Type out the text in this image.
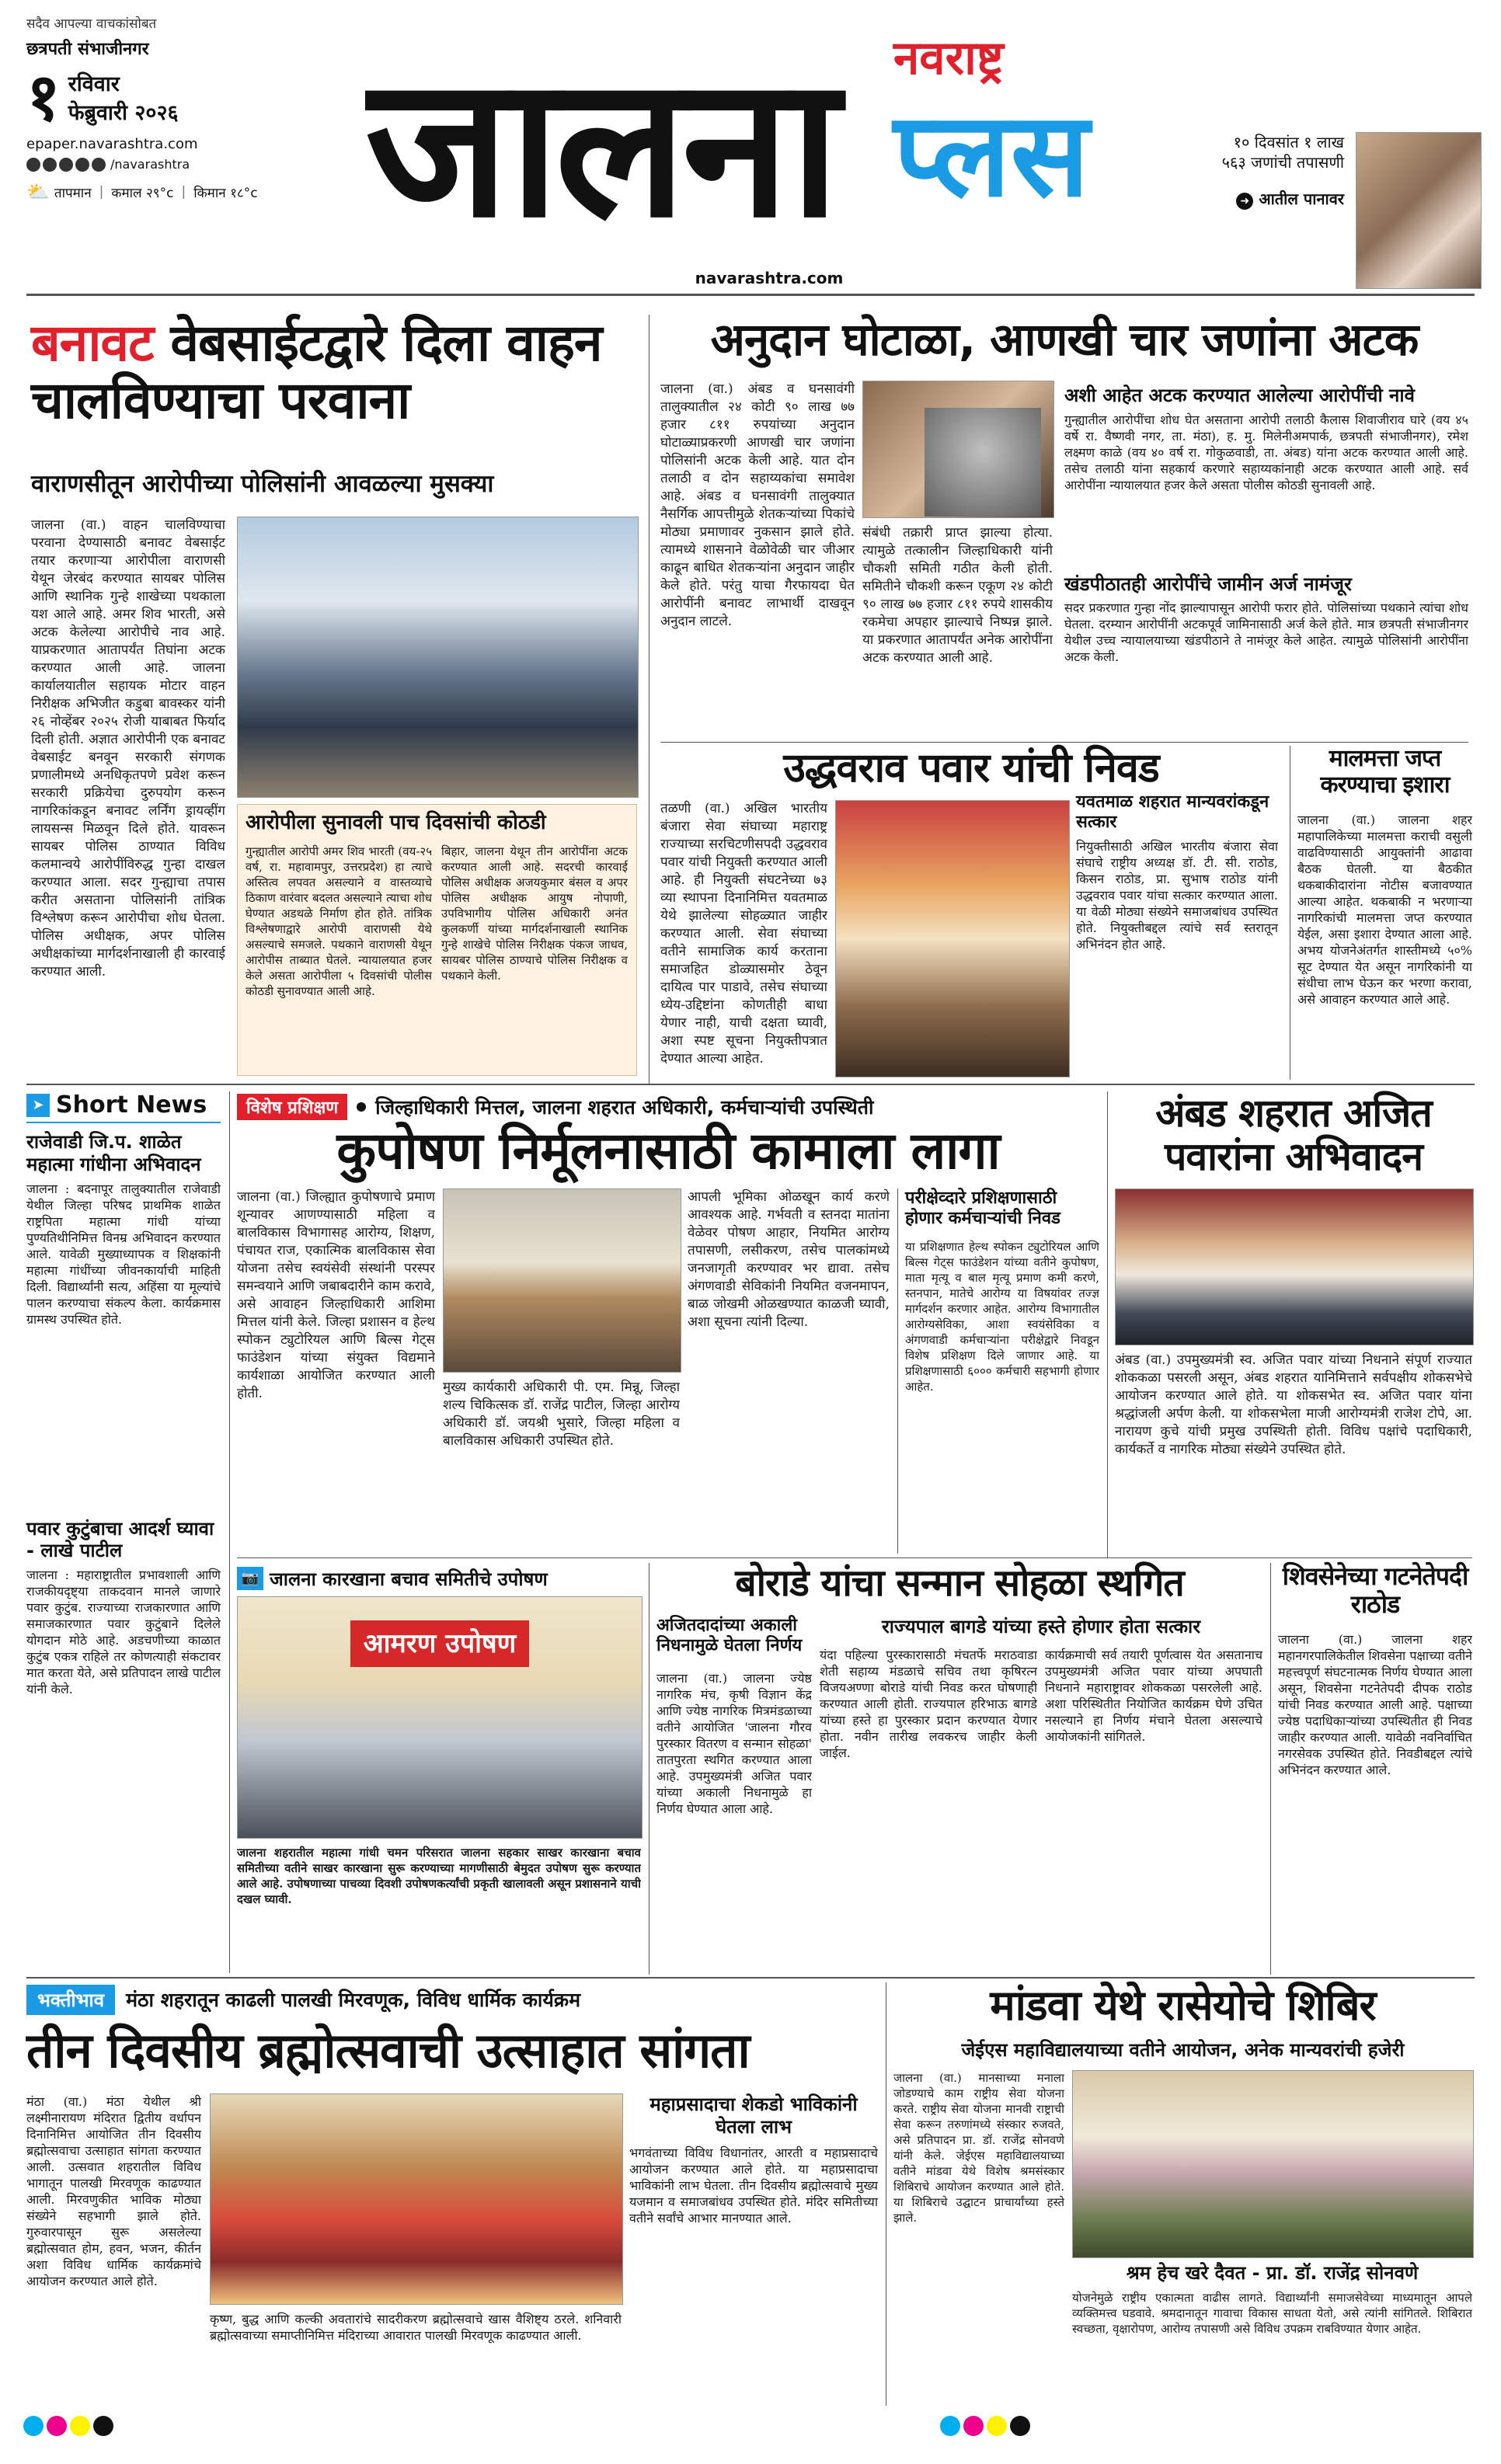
सदैव आपल्या वाचकांसोबत
छत्रपती संभाजीनगर
१ रविवार
फेब्रुवारी २०२६
epaper.navarashtra.com
/navarashtra
⛅ तापमान | कमाल २९°c | किमान १८°c जालना	नवराष्ट्र
प्लस
navarashtra.com
१० दिवसांत १ लाख ५६३ जणांची तपासणी
➜ आतील पानावर
बनावट वेबसाईटद्वारे दिला वाहन चालविण्याचा परवाना
वाराणसीतून आरोपीच्या पोलिसांनी आवळल्या मुसक्या
जालना (वा.) वाहन चालविण्याचा परवाना देण्यासाठी बनावट वेबसाईट तयार करणाऱ्या आरोपीला वाराणसी येथून जेरबंद करण्यात सायबर पोलिस आणि स्थानिक गुन्हे शाखेच्या पथकाला यश आले आहे. अमर शिव भारती, असे अटक केलेल्या आरोपीचे नाव आहे. याप्रकरणात आतापर्यंत तिघांना अटक करण्यात आली आहे. जालना कार्यालयातील सहायक मोटार वाहन निरीक्षक अभिजीत कडुबा बावस्कर यांनी २६ नोव्हेंबर २०२५ रोजी याबाबत फिर्याद दिली होती. अज्ञात आरोपीनी एक बनावट वेबसाईट बनवून सरकारी संगणक प्रणालीमध्ये अनधिकृतपणे प्रवेश करून सरकारी प्रक्रियेचा दुरुपयोग करून नागरिकांकडून बनावट लर्निंग ड्रायव्हींग लायसन्स मिळवून दिले होते. यावरून सायबर पोलिस ठाण्यात विविध कलमान्वये आरोपींविरुद्ध गुन्हा दाखल करण्यात आला. सदर गुन्ह्याचा तपास करीत असताना पोलिसांनी तांत्रिक विश्लेषण करून आरोपीचा शोध घेतला. पोलिस अधीक्षक, अपर पोलिस अधीक्षकांच्या मार्गदर्शनाखाली ही कारवाई करण्यात आली.
आरोपीला सुनावली पाच दिवसांची कोठडी
गुन्ह्यातील आरोपी अमर शिव भारती (वय-२५ वर्ष, रा. महावामपुर, उत्तरप्रदेश) हा त्याचे अस्तित्व लपवत असल्याने व वास्तव्याचे ठिकाण वारंवार बदलत असल्याने त्याचा शोध घेण्यात अडथळे निर्माण होत होते. तांत्रिक विश्लेषणाद्वारे आरोपी वाराणसी येथे असल्याचे समजले. पथकाने वाराणसी येथून आरोपीस ताब्यात घेतले. न्यायालयात हजर केले असता आरोपीला ५ दिवसांची पोलीस कोठडी सुनावण्यात आली आहे.
बिहार, जालना येथून तीन आरोपींना अटक करण्यात आली आहे. सदरची कारवाई पोलिस अधीक्षक अजयकुमार बंसल व अपर पोलिस अधीक्षक आयुष नोपाणी, उपविभागीय पोलिस अधिकारी अनंत कुलकर्णी यांच्या मार्गदर्शनाखाली स्थानिक गुन्हे शाखेचे पोलिस निरीक्षक पंकज जाधव, सायबर पोलिस ठाण्याचे पोलिस निरीक्षक व पथकाने केली.
अनुदान घोटाळा, आणखी चार जणांना अटक
जालना (वा.) अंबड व घनसावंगी तालुक्यातील २४ कोटी ९० लाख ७७ हजार ८११ रुपयांच्या अनुदान घोटाळ्याप्रकरणी आणखी चार जणांना पोलिसांनी अटक केली आहे. यात दोन तलाठी व दोन सहाय्यकांचा समावेश आहे. अंबड व घनसावंगी तालुक्यात नैसर्गिक आपत्तीमुळे शेतकऱ्यांच्या पिकांचे मोठ्या प्रमाणावर नुकसान झाले होते. त्यामध्ये शासनाने वेळोवेळी चार जीआर काढून बाधित शेतकऱ्यांना अनुदान जाहीर केले होते. परंतु याचा गैरफायदा घेत आरोपींनी बनावट लाभार्थी दाखवून अनुदान लाटले.
संबंधी तक्रारी प्राप्त झाल्या होत्या. त्यामुळे तत्कालीन जिल्हाधिकारी यांनी चौकशी समिती गठीत केली होती. समितीने चौकशी करून एकूण २४ कोटी ९० लाख ७७ हजार ८११ रुपये शासकीय रकमेचा अपहार झाल्याचे निष्पन्न झाले. या प्रकरणात आतापर्यंत अनेक आरोपींना अटक करण्यात आली आहे.
अशी आहेत अटक करण्यात आलेल्या आरोपींची नावे
गुन्ह्यातील आरोपींचा शोध घेत असताना आरोपी तलाठी कैलास शिवाजीराव घारे (वय ४५ वर्षे रा. वैष्णवी नगर, ता. मंठा), ह. मु. मिलेनीअमपार्क, छत्रपती संभाजीनगर), रमेश लक्ष्मण काळे (वय ४० वर्ष रा. गोकुळवाडी, ता. अंबड) यांना अटक करण्यात आली आहे. तसेच तलाठी यांना सहकार्य करणारे सहाय्यकांनाही अटक करण्यात आली आहे. सर्व आरोपींना न्यायालयात हजर केले असता पोलीस कोठडी सुनावली आहे.
खंडपीठातही आरोपींचे जामीन अर्ज नामंजूर
सदर प्रकरणात गुन्हा नोंद झाल्यापासून आरोपी फरार होते. पोलिसांच्या पथकाने त्यांचा शोध घेतला. दरम्यान आरोपींनी अटकपूर्व जामिनासाठी अर्ज केले होते. मात्र छत्रपती संभाजीनगर येथील उच्च न्यायालयाच्या खंडपीठाने ते नामंजूर केले आहेत. त्यामुळे पोलिसांनी आरोपींना अटक केली.
उद्धवराव पवार यांची निवड
तळणी (वा.) अखिल भारतीय बंजारा सेवा संघाच्या महाराष्ट्र राज्याच्या सरचिटणीसपदी उद्धवराव पवार यांची नियुक्ती करण्यात आली आहे. ही नियुक्ती संघटनेच्या ७३ व्या स्थापना दिनानिमित्त यवतमाळ येथे झालेल्या सोहळ्यात जाहीर करण्यात आली. सेवा संघाच्या वतीने सामाजिक कार्य करताना समाजहित डोळ्यासमोर ठेवून दायित्व पार पाडावे, तसेच संघाच्या ध्येय-उद्दिष्टांना कोणतीही बाधा येणार नाही, याची दक्षता घ्यावी, अशा स्पष्ट सूचना नियुक्तीपत्रात देण्यात आल्या आहेत.
यवतमाळ शहरात मान्यवरांकडून सत्कार
नियुक्तीसाठी अखिल भारतीय बंजारा सेवा संघाचे राष्ट्रीय अध्यक्ष डॉ. टी. सी. राठोड, किसन राठोड, प्रा. सुभाष राठोड यांनी उद्धवराव पवार यांचा सत्कार करण्यात आला. या वेळी मोठ्या संख्येने समाजबांधव उपस्थित होते. नियुक्तीबद्दल त्यांचे सर्व स्तरातून अभिनंदन होत आहे.
मालमत्ता जप्त करण्याचा इशारा
जालना (वा.) जालना शहर महापालिकेच्या मालमत्ता कराची वसुली वाढविण्यासाठी आयुक्तांनी आढावा बैठक घेतली. या बैठकीत थकबाकीदारांना नोटीस बजावण्यात आल्या आहेत. थकबाकी न भरणाऱ्या नागरिकांची मालमत्ता जप्त करण्यात येईल, असा इशारा देण्यात आला आहे. अभय योजनेअंतर्गत शास्तीमध्ये ५०% सूट देण्यात येत असून नागरिकांनी या संधीचा लाभ घेऊन कर भरणा करावा, असे आवाहन करण्यात आले आहे.
➤ Short News
राजेवाडी जि.प. शाळेत महात्मा गांधीना अभिवादन
जालना : बदनापूर तालुक्यातील राजेवाडी येथील जिल्हा परिषद प्राथमिक शाळेत राष्ट्रपिता महात्मा गांधी यांच्या पुण्यतिथीनिमित्त विनम्र अभिवादन करण्यात आले. यावेळी मुख्याध्यापक व शिक्षकांनी महात्मा गांधींच्या जीवनकार्याची माहिती दिली. विद्यार्थ्यांनी सत्य, अहिंसा या मूल्यांचे पालन करण्याचा संकल्प केला. कार्यक्रमास ग्रामस्थ उपस्थित होते.
पवार कुटुंबाचा आदर्श घ्यावा - लाखे पाटील
जालना : महाराष्ट्रातील प्रभावशाली आणि राजकीयदृष्ट्या ताकदवान मानले जाणारे पवार कुटुंब. राज्याच्या राजकारणात आणि समाजकारणात पवार कुटुंबाने दिलेले योगदान मोठे आहे. अडचणीच्या काळात कुटुंब एकत्र राहिले तर कोणत्याही संकटावर मात करता येते, असे प्रतिपादन लाखे पाटील यांनी केले.
विशेष प्रशिक्षण	जिल्हाधिकारी मित्तल, जालना शहरात अधिकारी, कर्मचाऱ्यांची उपस्थिती
कुपोषण निर्मूलनासाठी कामाला लागा
जालना (वा.) जिल्ह्यात कुपोषणाचे प्रमाण शून्यावर आणण्यासाठी महिला व बालविकास विभागासह आरोग्य, शिक्षण, पंचायत राज, एकात्मिक बालविकास सेवा योजना तसेच स्वयंसेवी संस्थांनी परस्पर समन्वयाने आणि जबाबदारीने काम करावे, असे आवाहन जिल्हाधिकारी आशिमा मित्तल यांनी केले. जिल्हा प्रशासन व हेल्थ स्पोकन ट्युटोरियल आणि बिल्स गेट्स फाउंडेशन यांच्या संयुक्त विद्यमाने कार्यशाळा आयोजित करण्यात आली होती.	मुख्य कार्यकारी अधिकारी पी. एम. मिन्नू, जिल्हा शल्य चिकित्सक डॉ. राजेंद्र पाटील, जिल्हा आरोग्य अधिकारी डॉ. जयश्री भुसारे, जिल्हा महिला व बालविकास अधिकारी उपस्थित होते.
आपली भूमिका ओळखून कार्य करणे आवश्यक आहे. गर्भवती व स्तनदा मातांना वेळेवर पोषण आहार, नियमित आरोग्य तपासणी, लसीकरण, तसेच पालकांमध्ये जनजागृती करण्यावर भर द्यावा. तसेच अंगणवाडी सेविकांनी नियमित वजनमापन, बाळ जोखमी ओळखण्यात काळजी घ्यावी, अशा सूचना त्यांनी दिल्या.
परीक्षेव्दारे प्रशिक्षणासाठी होणार कर्मचाऱ्यांची निवड
या प्रशिक्षणात हेल्थ स्पोकन ट्युटोरियल आणि बिल्स गेट्स फाउंडेशन यांच्या वतीने कुपोषण, माता मृत्यू व बाल मृत्यू प्रमाण कमी करणे, स्तनपान, मातेचे आरोग्य या विषयांवर तज्ज्ञ मार्गदर्शन करणार आहेत. आरोग्य विभागातील आरोग्यसेविका, आशा स्वयंसेविका व अंगणवाडी कर्मचाऱ्यांना परीक्षेद्वारे निवडून विशेष प्रशिक्षण दिले जाणार आहे. या प्रशिक्षणासाठी ६००० कर्मचारी सहभागी होणार आहेत.
अंबड शहरात अजित पवारांना अभिवादन
अंबड (वा.) उपमुख्यमंत्री स्व. अजित पवार यांच्या निधनाने संपूर्ण राज्यात शोककळा पसरली असून, अंबड शहरात यानिमित्ताने सर्वपक्षीय शोकसभेचे आयोजन करण्यात आले होते. या शोकसभेत स्व. अजित पवार यांना श्रद्धांजली अर्पण केली. या शोकसभेला माजी आरोग्यमंत्री राजेश टोपे, आ. नारायण कुचे यांची प्रमुख उपस्थिती होती. विविध पक्षांचे पदाधिकारी, कार्यकर्ते व नागरिक मोठ्या संख्येने उपस्थित होते.
📷 जालना कारखाना बचाव समितीचे उपोषण
आमरण उपोषण
जालना शहरातील महात्मा गांधी चमन परिसरात जालना सहकार साखर कारखाना बचाव समितीच्या वतीने साखर कारखाना सुरू करण्याच्या मागणीसाठी बेमुदत उपोषण सुरू करण्यात आले आहे. उपोषणाच्या पाचव्या दिवशी उपोषणकर्त्यांची प्रकृती खालावली असून प्रशासनाने याची दखल घ्यावी.
बोराडे यांचा सन्मान सोहळा स्थगित
अजितदादांच्या अकाली निधनामुळे घेतला निर्णय
राज्यपाल बागडे यांच्या हस्ते होणार होता सत्कार
जालना (वा.) जालना ज्येष्ठ नागरिक मंच, कृषी विज्ञान केंद्र आणि ज्येष्ठ नागरिक मित्रमंडळाच्या वतीने आयोजित 'जालना गौरव पुरस्कार वितरण व सन्मान सोहळा' तातपुरता स्थगित करण्यात आला आहे. उपमुख्यमंत्री अजित पवार यांच्या अकाली निधनामुळे हा निर्णय घेण्यात आला आहे.
यंदा पहिल्या पुरस्कारासाठी मंचतर्फे मराठवाडा शेती सहाय्य मंडळाचे सचिव तथा कृषिरत्न विजयअण्णा बोराडे यांची निवड करत घोषणाही करण्यात आली होती. राज्यपाल हरिभाऊ बागडे यांच्या हस्ते हा पुरस्कार प्रदान करण्यात येणार होता. नवीन तारीख लवकरच जाहीर केली जाईल.
कार्यक्रमाची सर्व तयारी पूर्णत्वास येत असतानाच उपमुख्यमंत्री अजित पवार यांच्या अपघाती निधनाने महाराष्ट्रावर शोककळा पसरलेली आहे. अशा परिस्थितीत नियोजित कार्यक्रम घेणे उचित नसल्याने हा निर्णय मंचाने घेतला असल्याचे आयोजकांनी सांगितले.
शिवसेनेच्या गटनेतेपदी राठोड
जालना (वा.) जालना शहर महानगरपालिकेतील शिवसेना पक्षाच्या वतीने महत्त्वपूर्ण संघटनात्मक निर्णय घेण्यात आला असून, शिवसेना गटनेतेपदी दीपक राठोड यांची निवड करण्यात आली आहे. पक्षाच्या ज्येष्ठ पदाधिकाऱ्यांच्या उपस्थितीत ही निवड जाहीर करण्यात आली. यावेळी नवनिर्वाचित नगरसेवक उपस्थित होते. निवडीबद्दल त्यांचे अभिनंदन करण्यात आले.
भक्तीभाव	मंठा शहरातून काढली पालखी मिरवणूक, विविध धार्मिक कार्यक्रम
तीन दिवसीय ब्रह्मोत्सवाची उत्साहात सांगता
मंठा (वा.) मंठा येथील श्री लक्ष्मीनारायण मंदिरात द्वितीय वर्धापन दिनानिमित्त आयोजित तीन दिवसीय ब्रह्मोत्सवाचा उत्साहात सांगता करण्यात आली. उत्सवात शहरातील विविध भागातून पालखी मिरवणूक काढण्यात आली. मिरवणुकीत भाविक मोठ्या संख्येने सहभागी झाले होते. गुरुवारपासून सुरू असलेल्या ब्रह्मोत्सवात होम, हवन, भजन, कीर्तन अशा विविध धार्मिक कार्यक्रमांचे आयोजन करण्यात आले होते.
कृष्ण, बुद्ध आणि कल्की अवतारांचे सादरीकरण ब्रह्मोत्सवाचे खास वैशिष्ट्य ठरले. शनिवारी ब्रह्मोत्सवाच्या समाप्तीनिमित्त मंदिराच्या आवारात पालखी मिरवणूक काढण्यात आली.
महाप्रसादाचा शेकडो भाविकांनी घेतला लाभ
भगवंताच्या विविध विधानांतर, आरती व महाप्रसादाचे आयोजन करण्यात आले होते. या महाप्रसादाचा भाविकांनी लाभ घेतला. तीन दिवसीय ब्रह्मोत्सवाचे मुख्य यजमान व समाजबांधव उपस्थित होते. मंदिर समितीच्या वतीने सर्वांचे आभार मानण्यात आले.
मांडवा येथे रासेयोचे शिबिर
जेईएस महाविद्यालयाच्या वतीने आयोजन, अनेक मान्यवरांची हजेरी
जालना (वा.) मानसाच्या मनाला जोडण्याचे काम राष्ट्रीय सेवा योजना करते. राष्ट्रीय सेवा योजना मानवी राष्ट्राची सेवा करून तरुणांमध्ये संस्कार रुजवते, असे प्रतिपादन प्रा. डॉ. राजेंद्र सोनवणे यांनी केले. जेईएस महाविद्यालयाच्या वतीने मांडवा येथे विशेष श्रमसंस्कार शिबिराचे आयोजन करण्यात आले होते. या शिबिराचे उद्घाटन प्राचार्यांच्या हस्ते झाले.
श्रम हेच खरे दैवत - प्रा. डॉ. राजेंद्र सोनवणे
योजनेमुळे राष्ट्रीय एकात्मता वाढीस लागते. विद्यार्थ्यांनी समाजसेवेच्या माध्यमातून आपले व्यक्तिमत्त्व घडवावे. श्रमदानातून गावाचा विकास साधता येतो, असे त्यांनी सांगितले. शिबिरात स्वच्छता, वृक्षारोपण, आरोग्य तपासणी असे विविध उपक्रम राबविण्यात येणार आहेत.
